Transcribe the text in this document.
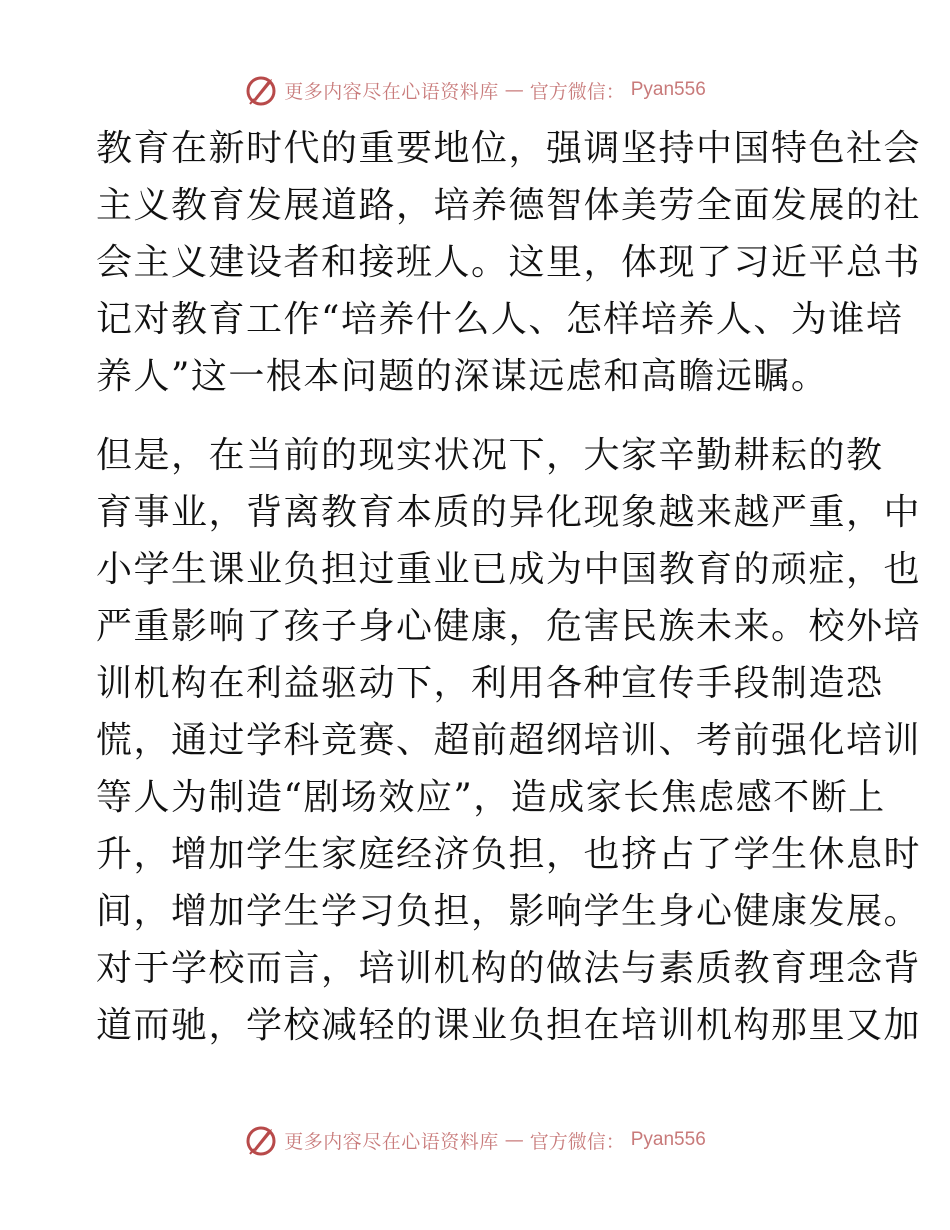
更多内容尽在心语资料库 — 官方微信： Pyan556
教育在新时代的重要地位，强调坚持中国特色社会
主义教育发展道路，培养德智体美劳全面发展的社
会主义建设者和接班人。这里，体现了习近平总书
记对教育工作“培养什么人、怎样培养人、为谁培
养人”这一根本问题的深谋远虑和高瞻远瞩。
但是，在当前的现实状况下，大家辛勤耕耘的教
育事业，背离教育本质的异化现象越来越严重，中
小学生课业负担过重业已成为中国教育的顽症，也
严重影响了孩子身心健康，危害民族未来。校外培
训机构在利益驱动下，利用各种宣传手段制造恐
慌，通过学科竞赛、超前超纲培训、考前强化培训
等人为制造“剧场效应”，造成家长焦虑感不断上
升，增加学生家庭经济负担，也挤占了学生休息时
间，增加学生学习负担，影响学生身心健康发展。
对于学校而言，培训机构的做法与素质教育理念背
道而驰，学校减轻的课业负担在培训机构那里又加
更多内容尽在心语资料库 — 官方微信： Pyan556
